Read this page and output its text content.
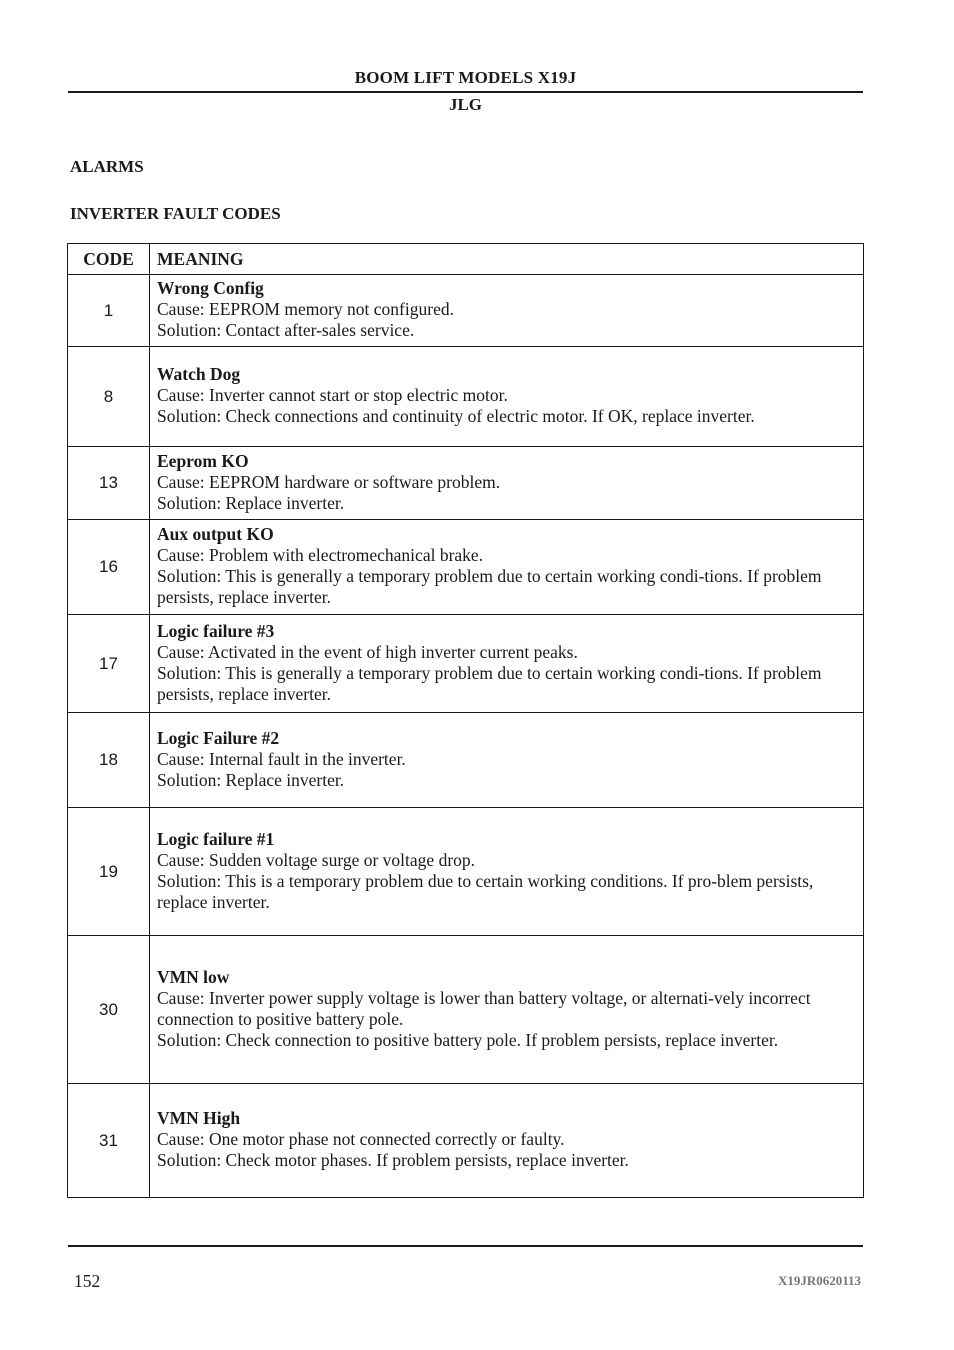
BOOM LIFT MODELS X19J
JLG
ALARMS
INVERTER FAULT CODES
CODE	MEANING
1	Wrong Config
Cause: EEPROM memory not configured.
Solution: Contact after-sales service.

8	Watch Dog
Cause: Inverter cannot start or stop electric motor.
Solution: Check connections and continuity of electric motor. If OK, replace inverter.

13	Eeprom KO
Cause: EEPROM hardware or software problem.
Solution: Replace inverter.

16	Aux output KO
Cause: Problem with electromechanical brake.
Solution: This is generally a temporary problem due to certain working condi-tions. If problem persists, replace inverter.

17	Logic failure #3
Cause: Activated in the event of high inverter current peaks.
Solution: This is generally a temporary problem due to certain working condi-tions. If problem persists, replace inverter.

18	Logic Failure #2
Cause: Internal fault in the inverter.
Solution: Replace inverter.

19	Logic failure #1
Cause: Sudden voltage surge or voltage drop.
Solution: This is a temporary problem due to certain working conditions. If pro-blem persists, replace inverter.

30	VMN low
Cause: Inverter power supply voltage is lower than battery voltage, or alternati-vely incorrect connection to positive battery pole.
Solution: Check connection to positive battery pole. If problem persists, replace inverter.

31	VMN High
Cause: One motor phase not connected correctly or faulty.
Solution: Check motor phases. If problem persists, replace inverter.
152	X19JR0620113
